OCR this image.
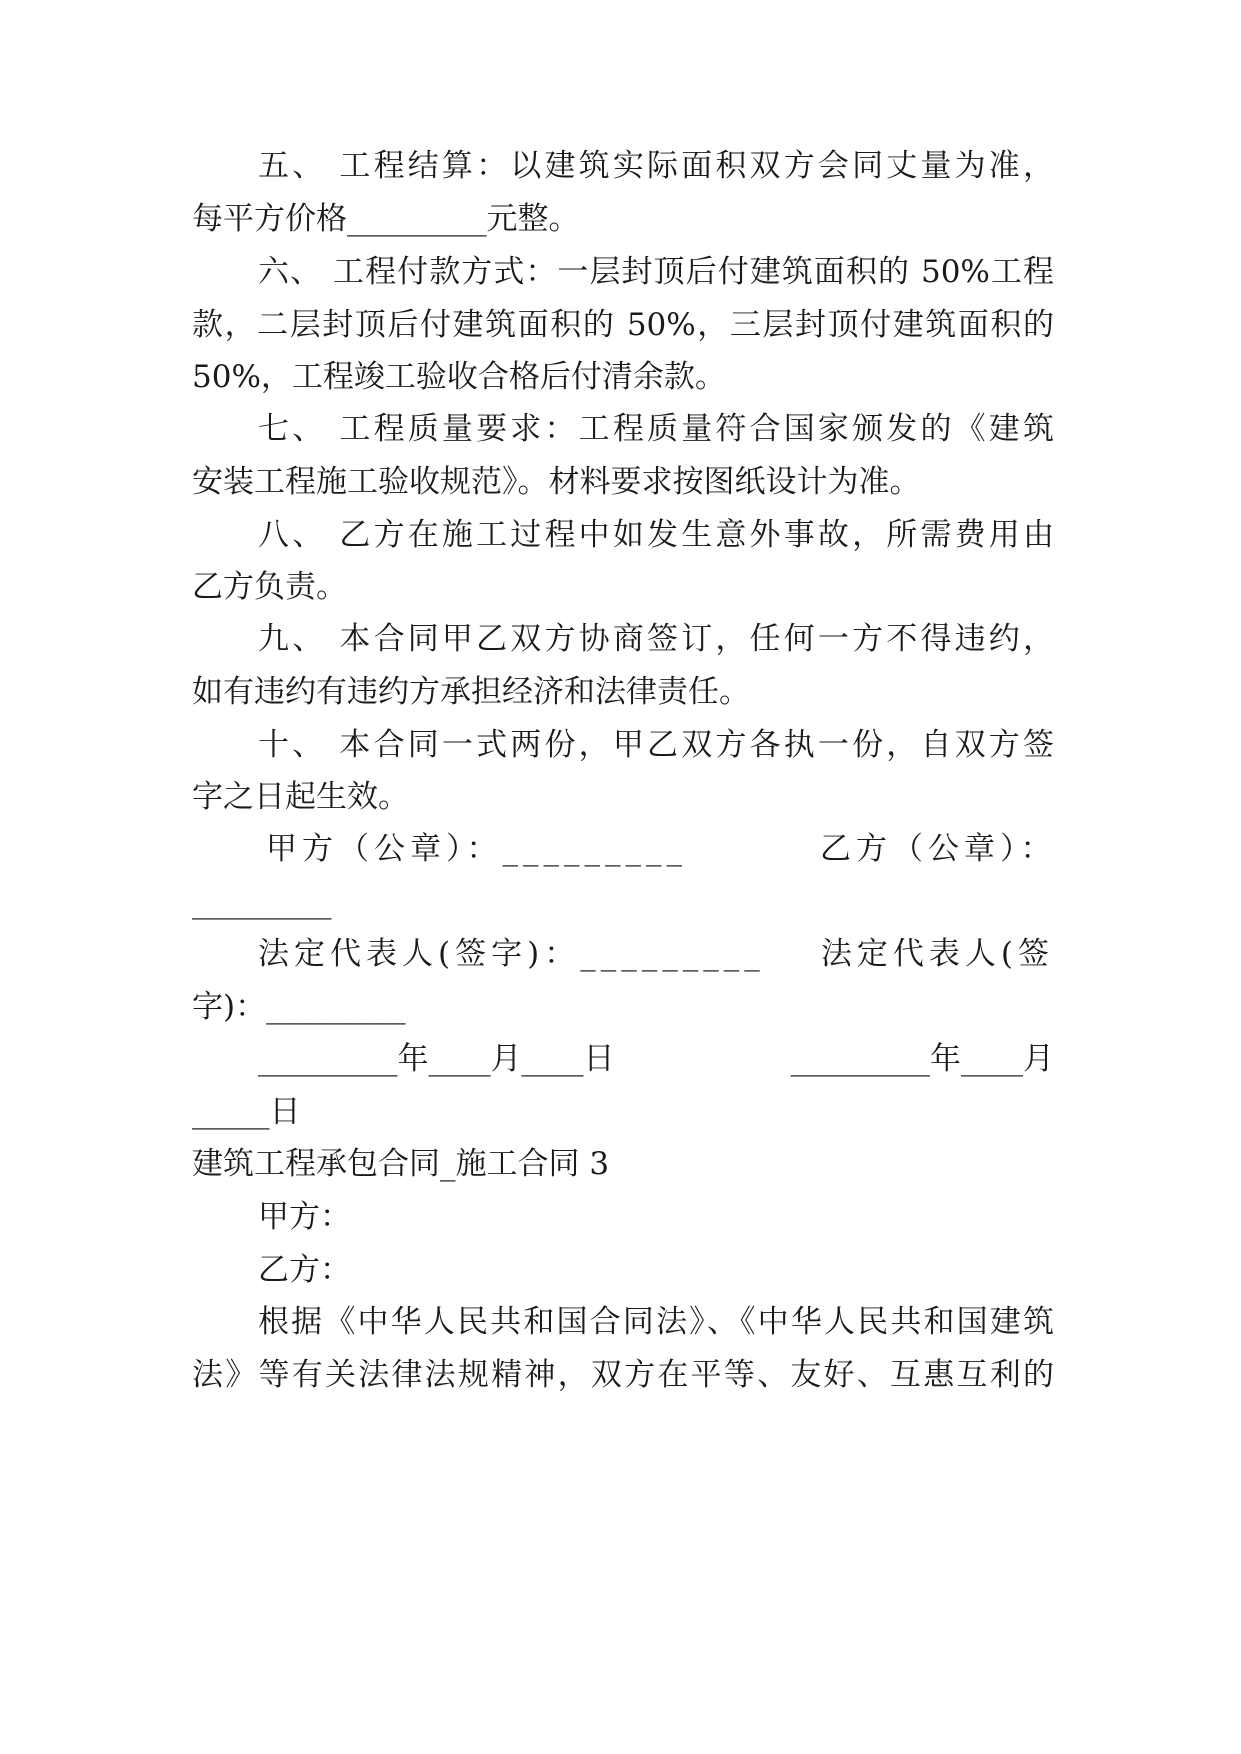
五、 工程结算：以建筑实际面积双方会同丈量为准，
每平方价格_________元整。
六、 工程付款方式：一层封顶后付建筑面积的 50%工程
款，二层封顶后付建筑面积的 50%，三层封顶付建筑面积的
50%，工程竣工验收合格后付清余款。
七、 工程质量要求：工程质量符合国家颁发的《建筑
安装工程施工验收规范》。材料要求按图纸设计为准。
八、 乙方在施工过程中如发生意外事故，所需费用由
乙方负责。
九、 本合同甲乙双方协商签订，任何一方不得违约，
如有违约有违约方承担经济和法律责任。
十、 本合同一式两份，甲乙双方各执一份，自双方签
字之日起生效。
甲方（公章）：_________	乙方（公章）：
_________
法定代表人(签字)：_________	法定代表人(签
字)：_________
_________年____月____日	_________年____月
_____日
建筑工程承包合同_施工合同 3
甲方：
乙方：
根据《中华人民共和国合同法》、《中华人民共和国建筑
法》等有关法律法规精神，双方在平等、友好、互惠互利的
